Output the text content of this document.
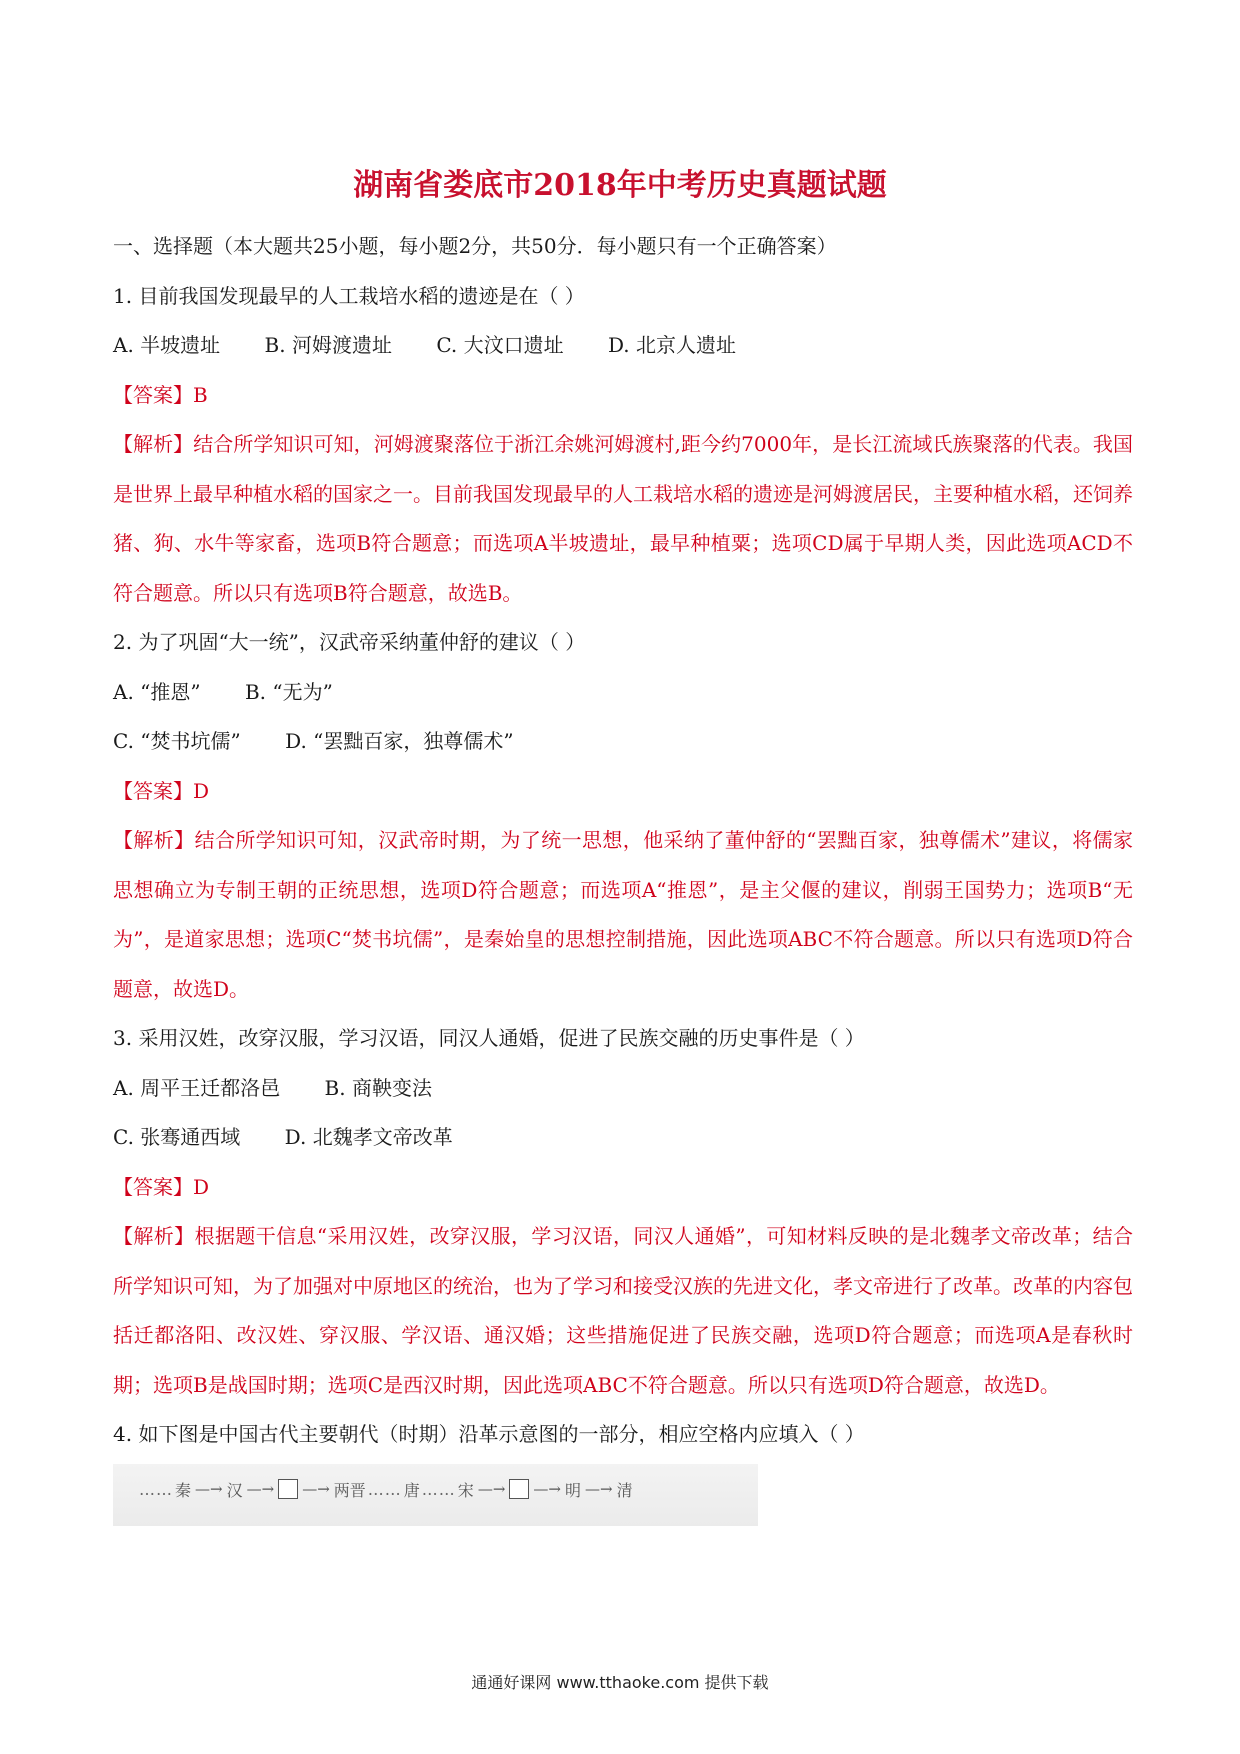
湖南省娄底市2018年中考历史真题试题
一、选择题（本大题共25小题，每小题2分，共50分．每小题只有一个正确答案）
1. 目前我国发现最早的人工栽培水稻的遗迹是在（ ）
A. 半坡遗址 B. 河姆渡遗址 C. 大汶口遗址 D. 北京人遗址
【答案】B
【解析】结合所学知识可知，河姆渡聚落位于浙江余姚河姆渡村,距今约7000年，是长江流域氏族聚落的代表。我国是世界上最早种植水稻的国家之一。目前我国发现最早的人工栽培水稻的遗迹是河姆渡居民，主要种植水稻，还饲养猪、狗、水牛等家畜，选项B符合题意；而选项A半坡遗址，最早种植粟；选项CD属于早期人类，因此选项ACD不符合题意。所以只有选项B符合题意，故选B。
2. 为了巩固“大一统”，汉武帝采纳董仲舒的建议（ ）
A. “推恩” B. “无为”
C. “焚书坑儒” D. “罢黜百家，独尊儒术”
【答案】D
【解析】结合所学知识可知，汉武帝时期，为了统一思想，他采纳了董仲舒的“罢黜百家，独尊儒术”建议，将儒家思想确立为专制王朝的正统思想，选项D符合题意；而选项A“推恩”，是主父偃的建议，削弱王国势力；选项B“无为”，是道家思想；选项C“焚书坑儒”，是秦始皇的思想控制措施，因此选项ABC不符合题意。所以只有选项D符合题意，故选D。
3. 采用汉姓，改穿汉服，学习汉语，同汉人通婚，促进了民族交融的历史事件是（ ）
A. 周平王迁都洛邑 B. 商鞅变法
C. 张骞通西域 D. 北魏孝文帝改革
【答案】D
【解析】根据题干信息“采用汉姓，改穿汉服，学习汉语，同汉人通婚”，可知材料反映的是北魏孝文帝改革；结合所学知识可知，为了加强对中原地区的统治，也为了学习和接受汉族的先进文化，孝文帝进行了改革。改革的内容包括迁都洛阳、改汉姓、穿汉服、学汉语、通汉婚；这些措施促进了民族交融，选项D符合题意；而选项A是春秋时期；选项B是战国时期；选项C是西汉时期，因此选项ABC不符合题意。所以只有选项D符合题意，故选D。
4. 如下图是中国古代主要朝代（时期）沿革示意图的一部分，相应空格内应填入（ ）
…… 秦 —→ 汉 —→ —→ 两晋 …… 唐 …… 宋 —→ —→ 明 —→ 清
通通好课网 www.tthaoke.com 提供下载
